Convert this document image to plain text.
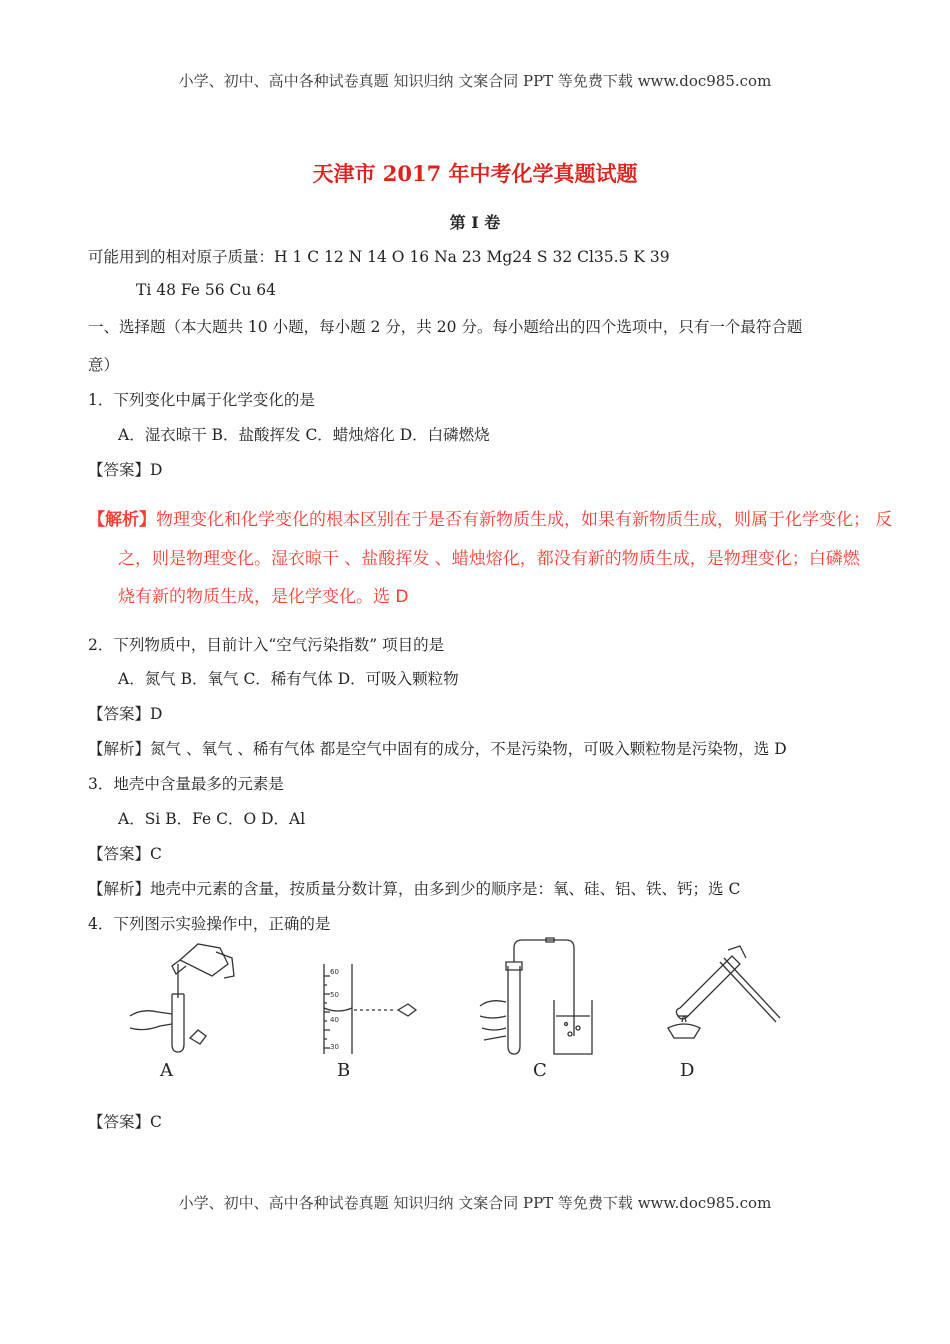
小学、初中、高中各种试卷真题 知识归纳 文案合同 PPT 等免费下载 www.doc985.com
天津市 2017 年中考化学真题试题
第 I 卷
可能用到的相对原子质量：H 1 C 12 N 14 O 16 Na 23 Mg24 S 32 Cl35.5 K 39
Ti 48 Fe 56 Cu 64
一、选择题（本大题共 10 小题，每小题 2 分，共 20 分。每小题给出的四个选项中，只有一个最符合题
意）
1．下列变化中属于化学变化的是
A．湿衣晾干 B．盐酸挥发 C．蜡烛熔化 D．白磷燃烧
【答案】D
【解析】物理变化和化学变化的根本区别在于是否有新物质生成，如果有新物质生成，则属于化学变化； 反
之，则是物理变化。湿衣晾干 、盐酸挥发 、蜡烛熔化，都没有新的物质生成，是物理变化；白磷燃
烧有新的物质生成，是化学变化。选 D
2．下列物质中，目前计入“空气污染指数” 项目的是
A．氮气 B．氧气 C．稀有气体 D．可吸入颗粒物
【答案】D
【解析】氮气 、氧气 、稀有气体 都是空气中固有的成分，不是污染物，可吸入颗粒物是污染物，选 D
3．地壳中含量最多的元素是
A．Si B．Fe C．O D．Al
【答案】C
【解析】地壳中元素的含量，按质量分数计算，由多到少的顺序是：氧、硅、铝、铁、钙；选 C
4．下列图示实验操作中，正确的是
A
60
50
40
30
B	C	D
【答案】C
小学、初中、高中各种试卷真题 知识归纳 文案合同 PPT 等免费下载 www.doc985.com
